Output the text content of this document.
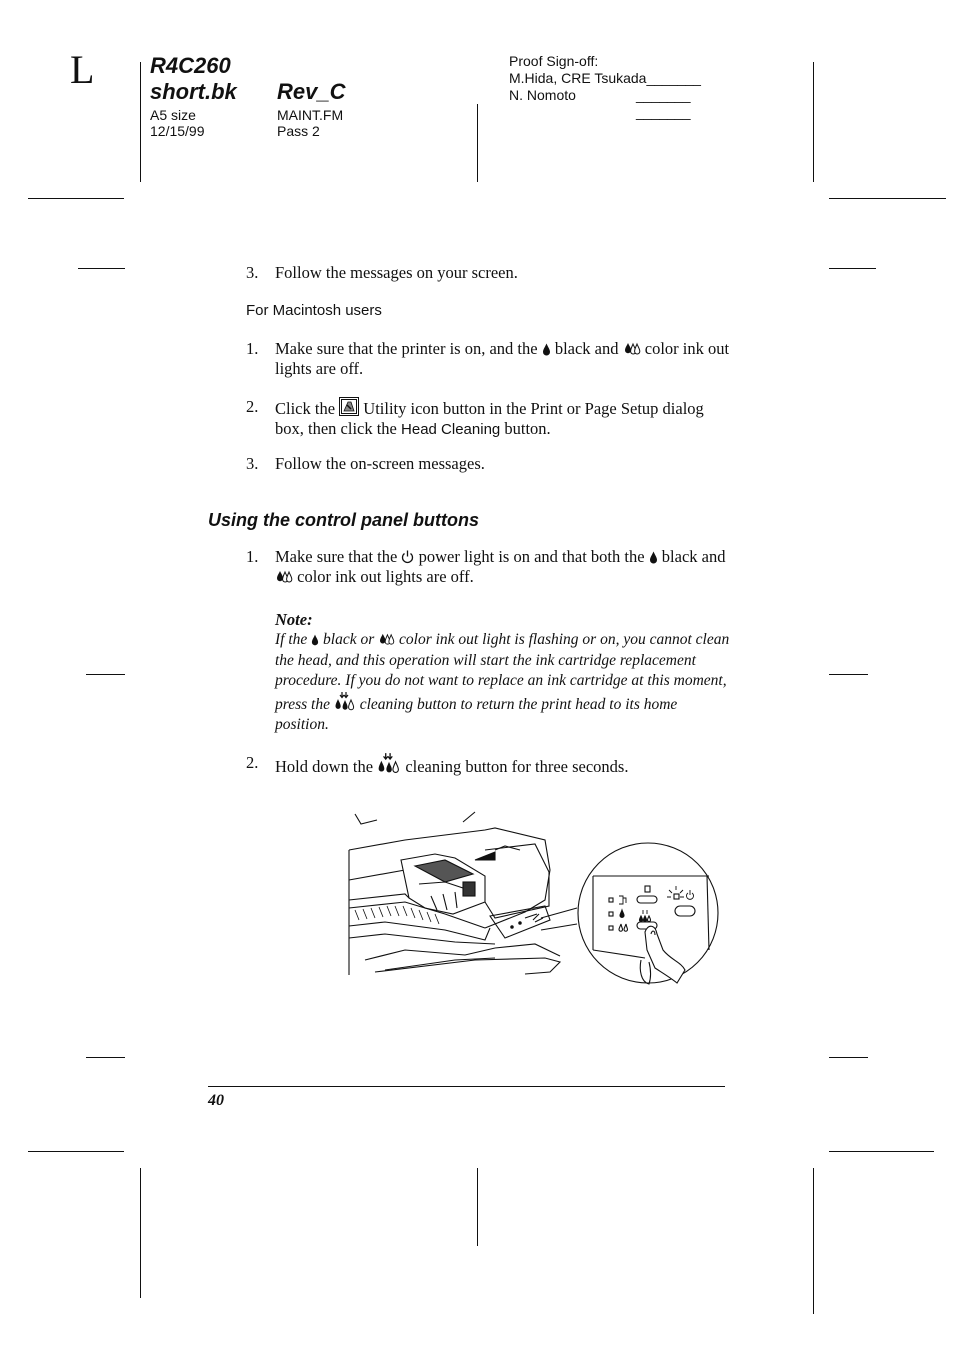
L	R4C260
short.bk Rev_C
A5 size
12/15/99
MAINT.FM
Pass 2
Proof Sign-off:
M.Hida, CRE Tsukada_______
N. Nomoto	_______
_______
3. Follow the messages on your screen.
For Macintosh users
1. Make sure that the printer is on, and the black and color ink out lights are off.
2. Click the Utility icon button in the Print or Page Setup dialog box, then click the Head Cleaning button.
3. Follow the on-screen messages.
Using the control panel buttons
1. Make sure that the power light is on and that both the black and  color ink out lights are off.
Note:
If the black or color ink out light is flashing or on, you cannot clean the head, and this operation will start the ink cartridge replacement procedure. If you do not want to replace an ink cartridge at this moment, press the cleaning button to return the print head to its home position.
2. Hold down the cleaning button for three seconds.
40
